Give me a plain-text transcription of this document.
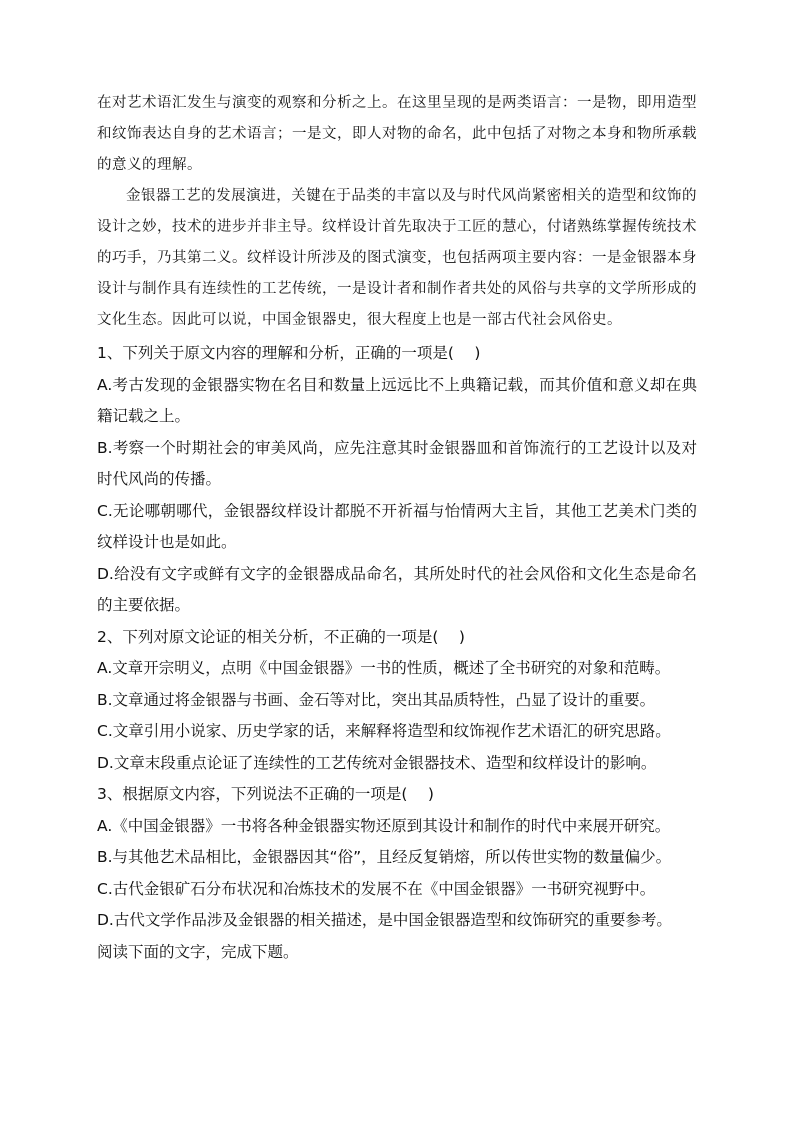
在对艺术语汇发生与演变的观察和分析之上。在这里呈现的是两类语言：一是物，即用造型和纹饰表达自身的艺术语言；一是文，即人对物的命名，此中包括了对物之本身和物所承载的意义的理解。

金银器工艺的发展演进，关键在于品类的丰富以及与时代风尚紧密相关的造型和纹饰的设计之妙，技术的进步并非主导。纹样设计首先取决于工匠的慧心，付诸熟练掌握传统技术的巧手，乃其第二义。纹样设计所涉及的图式演变，也包括两项主要内容：一是金银器本身设计与制作具有连续性的工艺传统，一是设计者和制作者共处的风俗与共享的文学所形成的文化生态。因此可以说，中国金银器史，很大程度上也是一部古代社会风俗史。

1、下列关于原文内容的理解和分析，正确的一项是(　 )

A.考古发现的金银器实物在名目和数量上远远比不上典籍记载，而其价值和意义却在典籍记载之上。

B.考察一个时期社会的审美风尚，应先注意其时金银器皿和首饰流行的工艺设计以及对时代风尚的传播。

C.无论哪朝哪代，金银器纹样设计都脱不开祈福与怡情两大主旨，其他工艺美术门类的纹样设计也是如此。

D.给没有文字或鲜有文字的金银器成品命名，其所处时代的社会风俗和文化生态是命名的主要依据。

2、下列对原文论证的相关分析，不正确的一项是(　 )

A.文章开宗明义，点明《中国金银器》一书的性质，概述了全书研究的对象和范畴。

B.文章通过将金银器与书画、金石等对比，突出其品质特性，凸显了设计的重要。

C.文章引用小说家、历史学家的话，来解释将造型和纹饰视作艺术语汇的研究思路。

D.文章末段重点论证了连续性的工艺传统对金银器技术、造型和纹样设计的影响。

3、根据原文内容，下列说法不正确的一项是(　 )

A.《中国金银器》一书将各种金银器实物还原到其设计和制作的时代中来展开研究。

B.与其他艺术品相比，金银器因其“俗”，且经反复销熔，所以传世实物的数量偏少。

C.古代金银矿石分布状况和冶炼技术的发展不在《中国金银器》一书研究视野中。

D.古代文学作品涉及金银器的相关描述，是中国金银器造型和纹饰研究的重要参考。

阅读下面的文字，完成下题。
